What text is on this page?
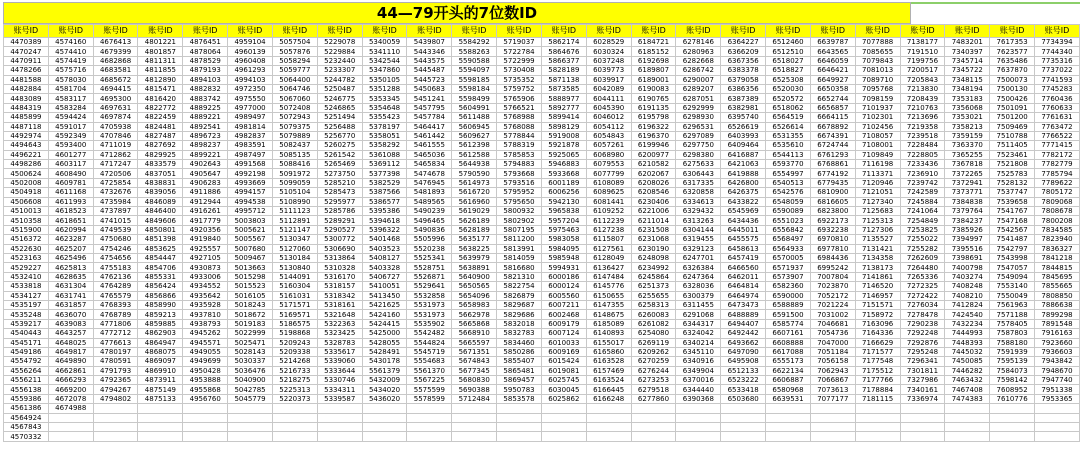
44—79开头的7位数ID
账号ID	账号ID	账号ID	账号ID	账号ID	账号ID	账号ID	账号ID	账号ID	账号ID	账号ID	账号ID	账号ID	账号ID	账号ID	账号ID	账号ID	账号ID	账号ID	账号ID	账号ID	账号ID	账号ID	账号ID
4470389	4574160	4676413	4801221	4876451	4959104	5057504	5229078	5340059	5439807	5584292	5719037	5862174	6028529	6184721	6278146	6364227	6512460	6639787	7077888	7138177	7483201	7617353	7734394
4470247	4574410	4679399	4801857	4878064	4960139	5057876	5229884	5341110	5443346	5588263	5722784	5864676	6030324	6185152	6280963	6366209	6512510	6643565	7085655	7191510	7340397	7623577	7744340
4470911	4574419	4682868	4811311	4878529	4960408	5058294	5232440	5342544	5443575	5590588	5722999	5866377	6037248	6192698	6282668	6367356	6518027	6646059	7079843	7199756	7345714	7635486	7735316
4478266	4575716	4683581	4811855	4879193	4961293	5059777	5233307	5347860	5445487	5594097	5730408	5828189	6039773	6189807	6286742	6383378	6518827	6646421	7081013	7200517	7345722	7637870	7737022
4481588	4578030	4685672	4812890	4894103	4994103	5064400	5244782	5350105	5445723	5598185	5735352	5871138	6039917	6189001	6290007	6379058	6525308	6649927	7089710	7205843	7348115	7500073	7741593
4482884	4581704	4694415	4815471	4882832	4972350	5064746	5250487	5351288	5450683	5598184	5759752	5873585	6042089	6190083	6289207	6386356	6520030	6650358	7095768	7213830	7348194	7500130	7745283
4483089	4583117	4695300	4816420	4883742	4975550	5067060	5246775	5353345	5451241	5598499	5765906	5888977	6044111	6190765	6287051	6387389	6520572	6652744	7098159	7208439	7353183	7500426	7760436
4484319	4583284	4697631	4822772	4889225	4977000	5072408	5246865	5354648	5457795	5604991	5766521	5892777	6045390	6191135	6292999	6382981	6518062	6656857	7101937	7210763	7356068	7501091	7760633
4485899	4594424	4697874	4822459	4889221	4989497	5072943	5251494	5355423	5457784	5611488	5768988	5899414	6046012	6195798	6298930	6395740	6564519	6664115	7102301	7213696	7353021	7501200	7761631
4487118	4591017	4705938	4824481	4892541	4981814	5079375	5256488	5378197	5464417	5606945	5768088	5898129	6054112	6196322	6296531	6526619	6526614	6678892	7102456	7219358	7358213	7509469	7763472
4492974	4592349	4707846	4827487	4896723	4982837	5079889	5256770	5358051	5461442	5609627	5778844	5919008	6054843	6196370	6297089	6403993	6531355	6674391	7108057	7239518	7359159	7510788	7766522
4494643	4593400	4711019	4827692	4898237	4983591	5082437	5260275	5358292	5461555	5612398	5788319	5921878	6057261	6199946	6297750	6409464	6535610	6724744	7108001	7228484	7363370	7511405	7771415
4496221	4601277	4712862	4829925	4899221	4987497	5085135	5261542	5361088	5465036	5612588	5785853	5925065	6068980	6200977	6298380	6416887	6544113	6761293	7109849	7228805	7365255	7523461	7782172
4498286	4603117	4717247	4833579	4902643	4991568	5088416	5265469	5369112	5465834	5644938	5794883	5946883	6079553	6210582	6275633	6421063	6593770	6768861	7116198	7233436	7367818	7521808	7782779
4500624	4608490	4720506	4837051	4905647	4992198	5091972	5273750	5377398	5474678	5790590	5793668	5933668	6077799	6202067	6306443	6419888	6554997	6774192	7113371	7236910	7372265	7525783	7785794
4502008	4609781	4725854	4838831	4906283	4993669	5099059	5285210	5382529	5476945	5614973	5793516	6001189	6108089	6208026	6317335	6426800	6540513	6779435	7120946	7239742	7372941	7528132	7789622
4504918	4611168	4732676	4839056	4911886	4994157	5105104	5285473	5387566	5481893	5616720	5795952	6006256	6089625	6208546	6320858	6426375	6542576	6810900	7121051	7242589	7373771	7537747	7805172
4506608	4611993	4735984	4846089	4912944	4994538	5108990	5295977	5386577	5489565	5616960	5795650	5942130	6081441	6230406	6334613	6433822	6548059	6816605	7127340	7245884	7384838	7539658	7809068
4510013	4618523	4737897	4846400	4916261	4995712	5111123	5285786	5395386	5490239	5619029	5800932	5965838	6109252	6221006	6329432	6545969	6590089	6823800	7125683	7241064	7379764	7541767	7808678
4510358	4618651	4741015	4849606	4917779	5003803	5112891	5289291	5394618	5496465	5626189	5802902	5957204	6112239	6211014	6313263	6434436	6551023	6922173	7125313	7254849	7384237	7547168	7800208
4515900	4620994	4749539	4850801	4920356	5005621	5121147	5290527	5396322	5490836	5628189	5807195	5975463	6127238	6231508	6304144	6445011	6556842	6932238	7127306	7253825	7385926	7542567	7834585
4516372	4623287	4750680	4851398	4919840	5005567	5130347	5300772	5401468	5505996	5635177	5811200	5983058	6115807	6231068	6319455	6455575	6568497	6970810	7135527	7255022	7394997	7541487	7823940
4522630	4625207	4754246	4853625	4925557	5007680	5127060	5306690	5403523	5520238	5638225	5813991	5984095	6127561	6230190	6329123	6458613	6564933	6977810	7131421	7255282	7395516	7542797	7836327
4523163	4625496	4754656	4854447	4927105	5009467	5130184	5313864	5408127	5525341	5639979	5814059	5985948	6128049	6248098	6247701	6457419	6570005	6984436	7134358	7262609	7398691	7543998	7841218
4529227	4625813	4755183	4854706	4930873	5013663	5130840	5310328	5403328	5528751	5638891	5816680	5994931	6136427	6234992	6326384	6466560	6571937	6995242	7138173	7264480	7400798	7547057	7844815
4532410	4628635	4762136	4855331	4933006	5015298	5144091	5316170	5406727	5526871	5640900	5821310	6000186	6147484	6245864	6247364	6462011	6573907	7007804	7141861	7265336	7403274	7549094	7845695
4533818	4631304	4764289	4856424	4934552	5015523	5160304	5318157	5410051	5529641	5650565	5822754	6000124	6145776	6251373	6328036	6464814	6582360	7023870	7146520	7272325	7408248	7553140	7855665
4534127	4631741	4765579	4856866	4935642	5016105	5161031	5318342	5413450	5532858	5654096	5826879	6005560	6150655	6255655	6300379	6464974	6590000	7052172	7146957	7272422	7408210	7550049	7808850
4535197	4631857	4768393	4858990	4935928	5018243	5171571	5318161	5421625	5531973	5658983	5829687	6007211	6147355	6258313	6311455	6473473	6588889	7021224	7151571	7276034	7412824	7561963	7886638
4535248	4636070	4768789	4859213	4937810	5018672	5169571	5321648	5424160	5531973	5662978	5829686	6002468	6148675	6260083	6291068	6488889	6591500	7031002	7158972	7278478	7424540	7571188	7899298
4539217	4639083	4771806	4859885	4938793	5019183	5186575	5322363	5424415	5535902	5665868	5832018	6009179	6185089	6261082	6344317	6494407	6585774	7046681	7163096	7290238	7432234	7578405	7891548
4540443	4643257	4772712	4862903	4945262	5022999	5198868	5323425	5425000	5542482	5668910	5832783	6007124	6140893	6254080	6324042	6492442	6607161	7054736	7164336	7292248	7444993	7587803	7916163
4545171	4648025	4776613	4864947	4945571	5025471	5209243	5328783	5428055	5544824	5665597	5834460	6010033	6155017	6269119	6340214	6493662	6608888	7047000	7166629	7292876	7448393	7588180	7923660
4549186	4649817	4780197	4868075	4949055	5028143	5209338	5335617	5428491	5545719	5671351	5850286	6009169	6165860	6209262	6345110	6497090	6617088	7051184	7171577	7295248	7445032	7591939	7936603
4554792	4649890	4780591	4869097	4949699	5030337	5214268	5339060	5430178	5554683	5674843	5855407	6015424	6163528	6270259	6340916	6495908	6555173	7056158	7177548	7296341	7450085	7595139	7943842
4556264	4662861	4791793	4869910	4950428	5036476	5216733	5333644	5561379	5561370	5677345	5865481	6019081	6157469	6276244	6349904	6512133	6622134	7062943	7175512	7301811	7446282	7584073	7948670
4556211	4666293	4792365	4873911	4953888	5040900	5218275	5330746	5432009	5567225	5680830	5869457	6025745	6163524	6273253	6370016	6523222	6606887	7066867	7177766	7327986	7463432	7598142	7947740
4556138	4669200	4794267	4875149	4955868	5042785	5225313	5334311	5434020	5575599	5690388	5950783	6030045	6166445	6279518	6344440	6533418	6580968	7073613	7178884	7340161	7467408	7608952	7951338
4559386	4672078	4794802	4875133	4956760	5045779	5220373	5339587	5436020	5578599	5712484	5853578	6025862	6166248	6277860	6390368	6503680	6639531	7077177	7181115	7336974	7474383	7610776	7953365
4561386	4674988																						
4564924																							
4567843																							
4570332																							
